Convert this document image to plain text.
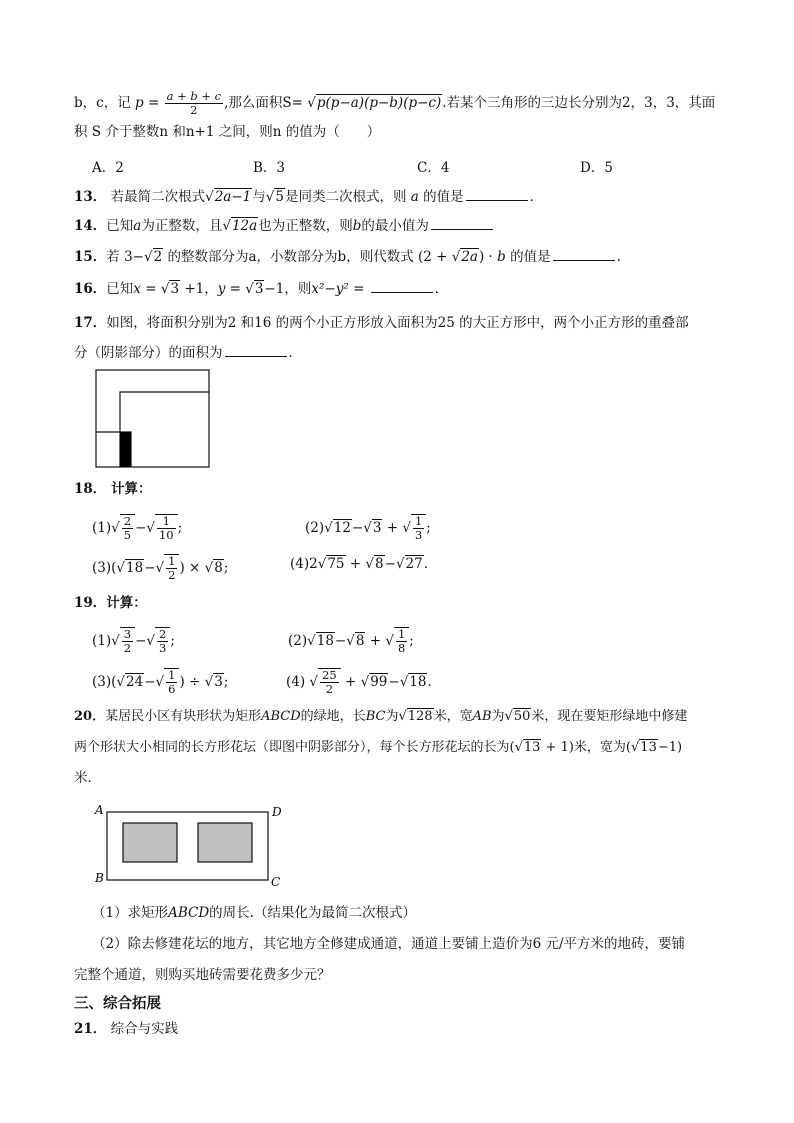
b，c，记 $p = \frac{a + b + c}{2}$ ,那么面积S= √ p(p−a)(p−b)(p−c).若某个三角形的三边长分别为2，3，3，其面
积 S 介于整数n 和n+1 之间，则n 的值为（　　）
A．2	B．3	C．4	D．5
13． 若最简二次根式 √ 2a−1与 √ 5是同类二次根式，则 a 的值是	．
14．已知a为正整数，且 √ 12a也为正整数，则b的最小值为
15．若 3− √ 2 的整数部分为a，小数部分为b，则代数式 (2 + √ 2a) · b 的值是	.
16．已知x = √ 3 +1，y = √ 3−1，则x²−y² =	．
17．如图，将面积分别为2 和16 的两个小正方形放入面积为25 的大正方形中，两个小正方形的重叠部
分（阴影部分）的面积为	．
18． 计算：
(1) √ $\frac{2}{5}$ − √ $\frac{1}{10}$ ;	(2) √ 12− √ 3 + √ $\frac{1}{3}$ ;
(3)( √ 18− √ $\frac{1}{2}$ ) × √ 8;	(4)2 √ 75 + √ 8− √ 27.
19．计算：
(1) √ $\frac{3}{2}$ − √ $\frac{2}{3}$ ;	(2) √ 18− √ 8 + √ $\frac{1}{8}$ ;
(3)( √ 24− √ $\frac{1}{6}$ ) ÷ √ 3;	(4) √ $\frac{25}{2}$ + √ 99− √ 18.
20．某居民小区有块形状为矩形ABCD的绿地，长BC为 √ 128米，宽AB为 √ 50米，现在要矩形绿地中修建
两个形状大小相同的长方形花坛（即图中阴影部分），每个长方形花坛的长为( √ 13 + 1)米，宽为( √ 13−1)
米．
A	D
B	C
（1）求矩形ABCD的周长.（结果化为最简二次根式）
（2）除去修建花坛的地方，其它地方全修建成通道，通道上要铺上造价为6 元/平方米的地砖，要铺
完整个通道，则购买地砖需要花费多少元？
三、综合拓展
21． 综合与实践
